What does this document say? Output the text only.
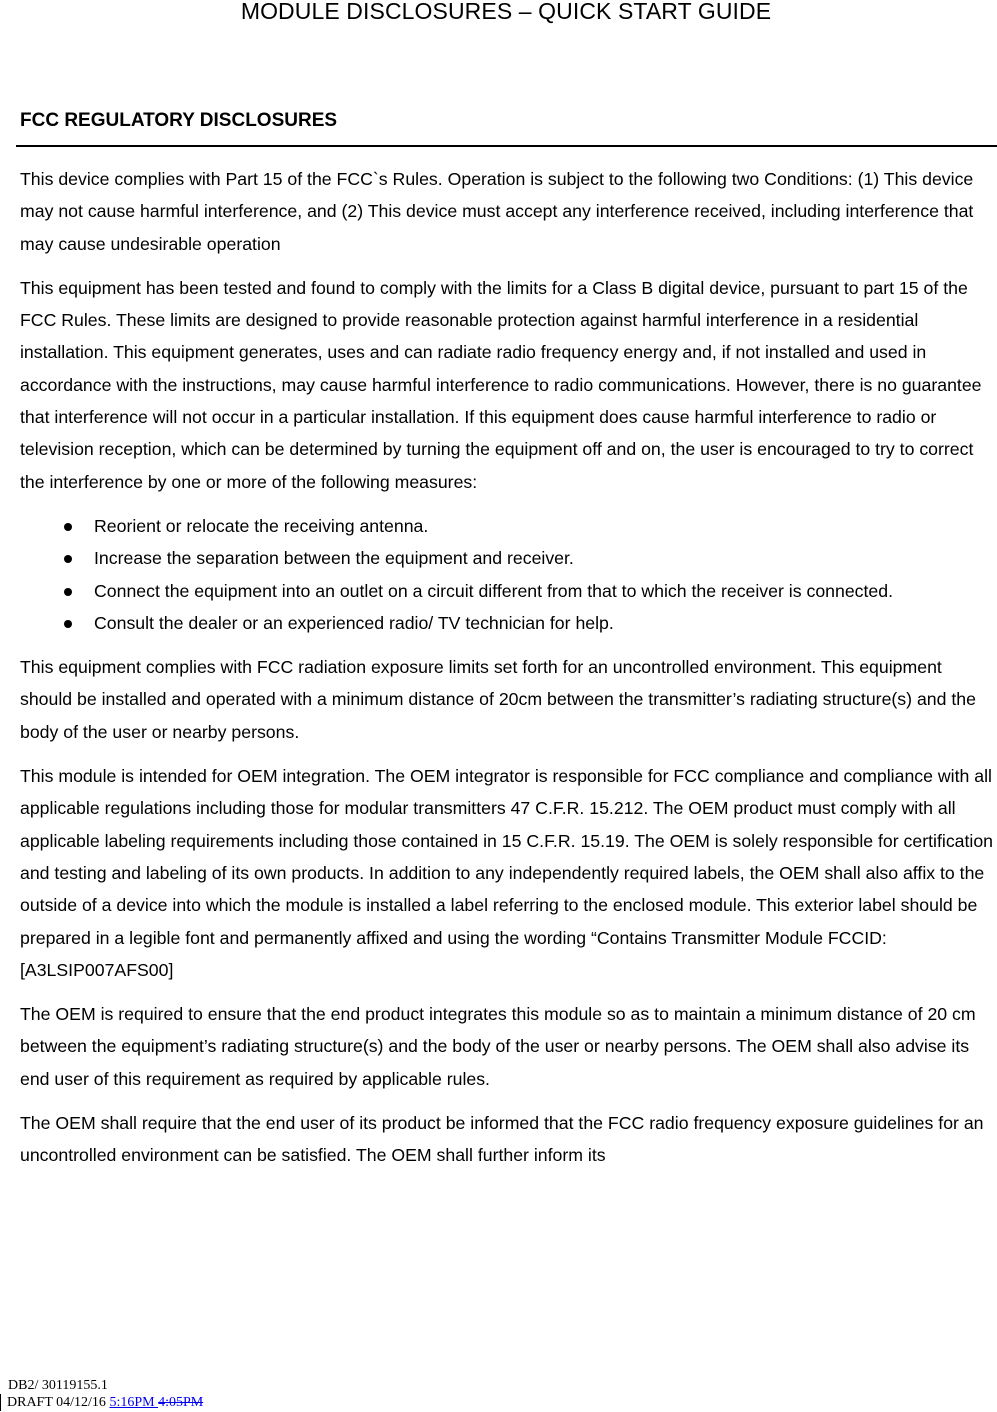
MODULE DISCLOSURES – QUICK START GUIDE
FCC REGULATORY DISCLOSURES

This device complies with Part 15 of the FCC`s Rules. Operation is subject to the following two Conditions: (1) This device may not cause harmful interference, and (2) This device must accept any interference received, including interference that may cause undesirable operation

This equipment has been tested and found to comply with the limits for a Class B digital device, pursuant to part 15 of the FCC Rules. These limits are designed to provide reasonable protection against harmful interference in a residential installation. This equipment generates, uses and can radiate radio frequency energy and, if not installed and used in accordance with the instructions, may cause harmful interference to radio communications. However, there is no guarantee that interference will not occur in a particular installation. If this equipment does cause harmful interference to radio or television reception, which can be determined by turning the equipment off and on, the user is encouraged to try to correct the interference by one or more of the following measures:

Reorient or relocate the receiving antenna.
Increase the separation between the equipment and receiver.
Connect the equipment into an outlet on a circuit different from that to which the receiver is connected.
Consult the dealer or an experienced radio/ TV technician for help.

This equipment complies with FCC radiation exposure limits set forth for an uncontrolled environment. This equipment should be installed and operated with a minimum distance of 20cm between the transmitter’s radiating structure(s) and the body of the user or nearby persons.

This module is intended for OEM integration. The OEM integrator is responsible for FCC compliance and compliance with all applicable regulations including those for modular transmitters 47 C.F.R. 15.212. The OEM product must comply with all applicable labeling requirements including those contained in 15 C.F.R. 15.19. The OEM is solely responsible for certification and testing and labeling of its own products. In addition to any independently required labels, the OEM shall also affix to the outside of a device into which the module is installed a label referring to the enclosed module. This exterior label should be prepared in a legible font and permanently affixed and using the wording “Contains Transmitter Module FCCID: [A3LSIP007AFS00]

The OEM is required to ensure that the end product integrates this module so as to maintain a minimum distance of 20 cm between the equipment’s radiating structure(s) and the body of the user or nearby persons. The OEM shall also advise its end user of this requirement as required by applicable rules.

The OEM shall require that the end user of its product be informed that the FCC radio frequency exposure guidelines for an uncontrolled environment can be satisfied. The OEM shall further inform its

DB2/ 30119155.1
DRAFT 04/12/16 5:16PM 4:05PM
